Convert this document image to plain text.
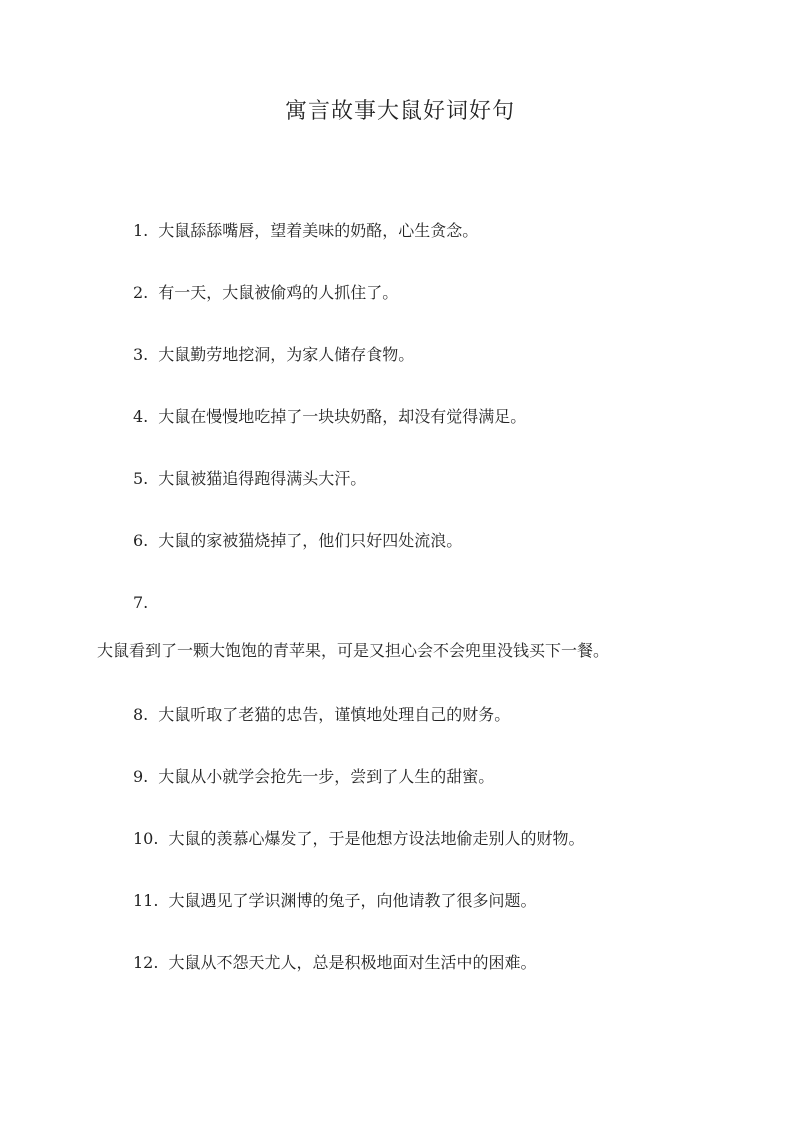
寓言故事大鼠好词好句
1. 大鼠舔舔嘴唇，望着美味的奶酪，心生贪念。
2. 有一天，大鼠被偷鸡的人抓住了。
3. 大鼠勤劳地挖洞，为家人储存食物。
4. 大鼠在慢慢地吃掉了一块块奶酪，却没有觉得满足。
5. 大鼠被猫追得跑得满头大汗。
6. 大鼠的家被猫烧掉了，他们只好四处流浪。
7.
大鼠看到了一颗大饱饱的青苹果，可是又担心会不会兜里没钱买下一餐。
8. 大鼠听取了老猫的忠告，谨慎地处理自己的财务。
9. 大鼠从小就学会抢先一步，尝到了人生的甜蜜。
10. 大鼠的羡慕心爆发了，于是他想方设法地偷走别人的财物。
11. 大鼠遇见了学识渊博的兔子，向他请教了很多问题。
12. 大鼠从不怨天尤人，总是积极地面对生活中的困难。
